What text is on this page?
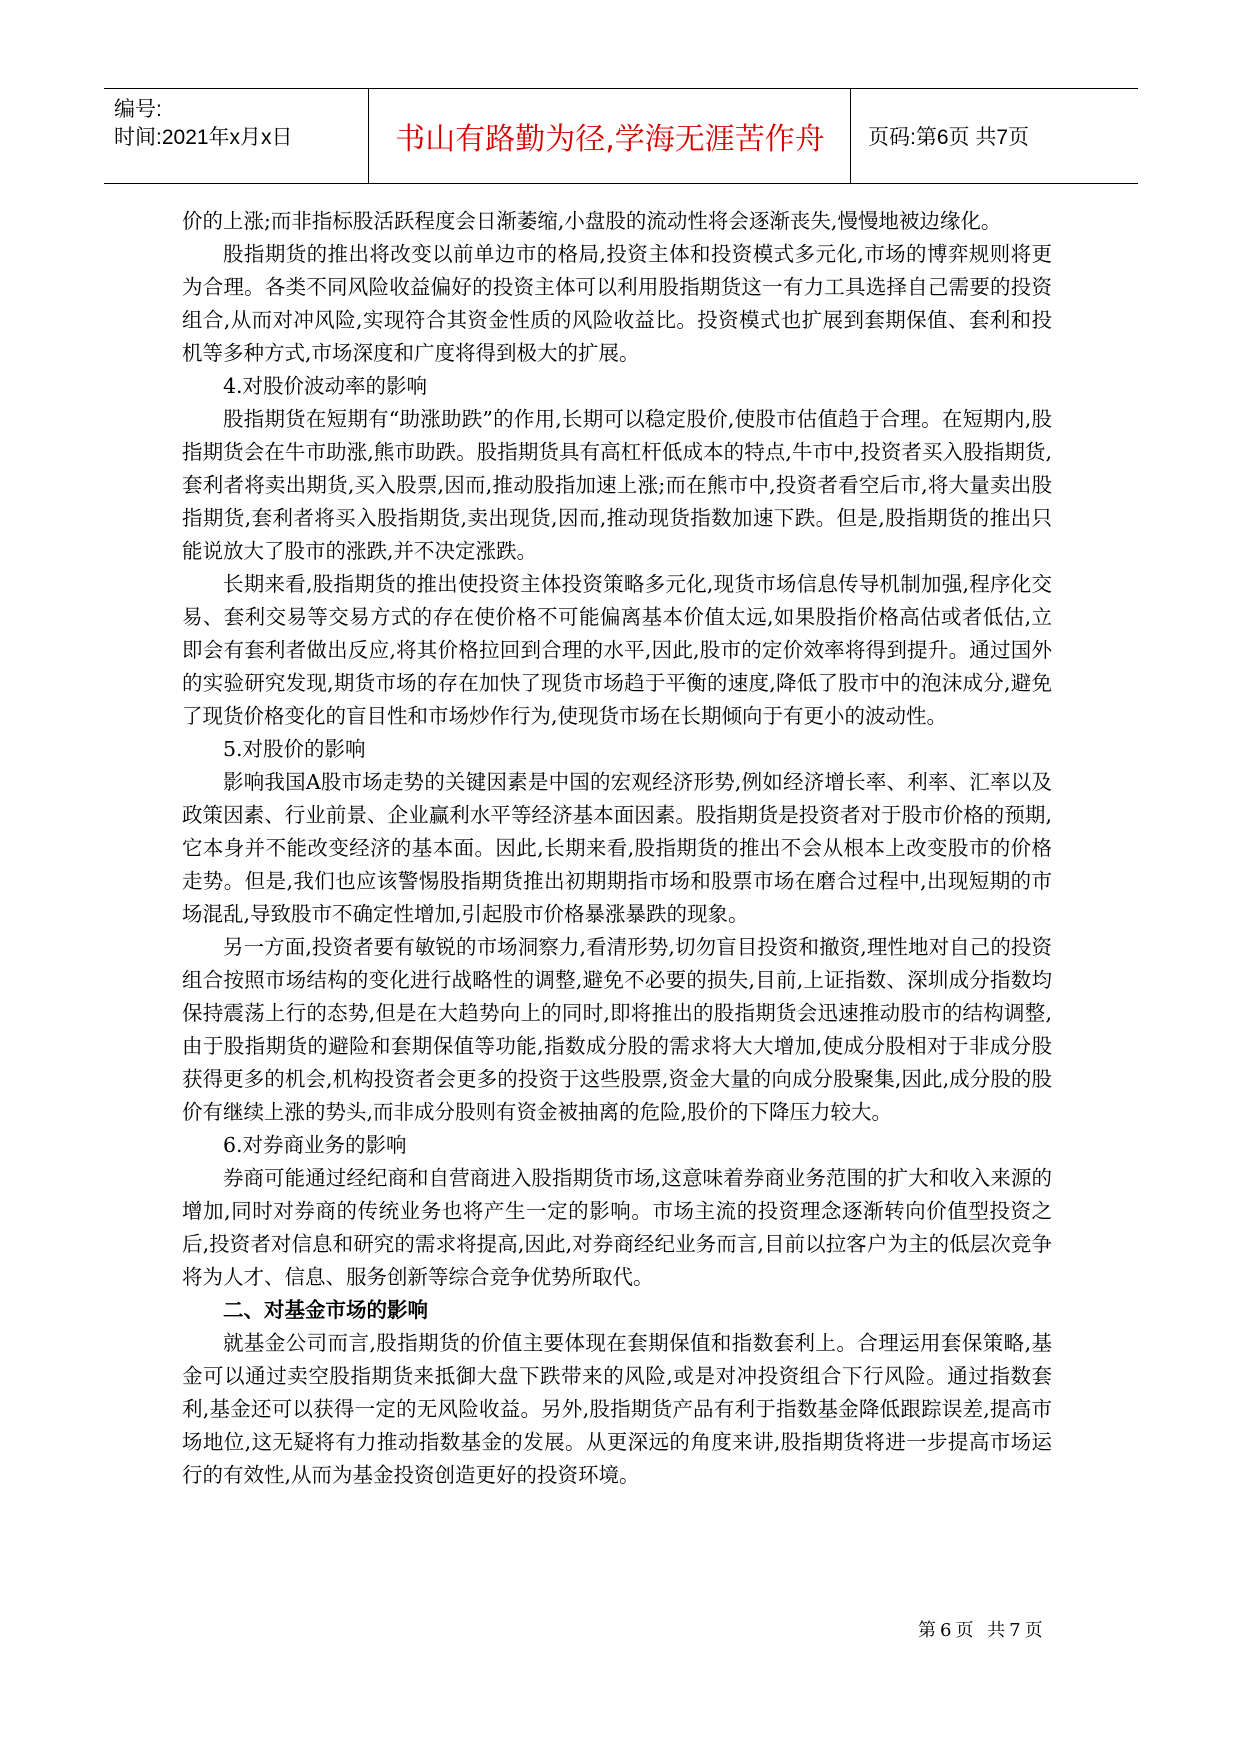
编号:
时间:2021年x月x日	书山有路勤为径,学海无涯苦作舟	页码:第6页 共7页

价的上涨;而非指标股活跃程度会日渐萎缩,小盘股的流动性将会逐渐丧失,慢慢地被边缘化。

股指期货的推出将改变以前单边市的格局,投资主体和投资模式多元化,市场的博弈规则将更为合理。各类不同风险收益偏好的投资主体可以利用股指期货这一有力工具选择自己需要的投资组合,从而对冲风险,实现符合其资金性质的风险收益比。投资模式也扩展到套期保值、套利和投机等多种方式,市场深度和广度将得到极大的扩展。

4.对股价波动率的影响

股指期货在短期有“助涨助跌”的作用,长期可以稳定股价,使股市估值趋于合理。在短期内,股指期货会在牛市助涨,熊市助跌。股指期货具有高杠杆低成本的特点,牛市中,投资者买入股指期货,套利者将卖出期货,买入股票,因而,推动股指加速上涨;而在熊市中,投资者看空后市,将大量卖出股指期货,套利者将买入股指期货,卖出现货,因而,推动现货指数加速下跌。但是,股指期货的推出只能说放大了股市的涨跌,并不决定涨跌。

长期来看,股指期货的推出使投资主体投资策略多元化,现货市场信息传导机制加强,程序化交易、套利交易等交易方式的存在使价格不可能偏离基本价值太远,如果股指价格高估或者低估,立即会有套利者做出反应,将其价格拉回到合理的水平,因此,股市的定价效率将得到提升。通过国外的实验研究发现,期货市场的存在加快了现货市场趋于平衡的速度,降低了股市中的泡沫成分,避免了现货价格变化的盲目性和市场炒作行为,使现货市场在长期倾向于有更小的波动性。

5.对股价的影响

影响我国A股市场走势的关键因素是中国的宏观经济形势,例如经济增长率、利率、汇率以及政策因素、行业前景、企业赢利水平等经济基本面因素。股指期货是投资者对于股市价格的预期,它本身并不能改变经济的基本面。因此,长期来看,股指期货的推出不会从根本上改变股市的价格走势。但是,我们也应该警惕股指期货推出初期期指市场和股票市场在磨合过程中,出现短期的市场混乱,导致股市不确定性增加,引起股市价格暴涨暴跌的现象。

另一方面,投资者要有敏锐的市场洞察力,看清形势,切勿盲目投资和撤资,理性地对自己的投资组合按照市场结构的变化进行战略性的调整,避免不必要的损失,目前,上证指数、深圳成分指数均保持震荡上行的态势,但是在大趋势向上的同时,即将推出的股指期货会迅速推动股市的结构调整,由于股指期货的避险和套期保值等功能,指数成分股的需求将大大增加,使成分股相对于非成分股获得更多的机会,机构投资者会更多的投资于这些股票,资金大量的向成分股聚集,因此,成分股的股价有继续上涨的势头,而非成分股则有资金被抽离的危险,股价的下降压力较大。

6.对券商业务的影响

券商可能通过经纪商和自营商进入股指期货市场,这意味着券商业务范围的扩大和收入来源的增加,同时对券商的传统业务也将产生一定的影响。市场主流的投资理念逐渐转向价值型投资之后,投资者对信息和研究的需求将提高,因此,对券商经纪业务而言,目前以拉客户为主的低层次竞争将为人才、信息、服务创新等综合竞争优势所取代。

二、对基金市场的影响

就基金公司而言,股指期货的价值主要体现在套期保值和指数套利上。合理运用套保策略,基金可以通过卖空股指期货来抵御大盘下跌带来的风险,或是对冲投资组合下行风险。通过指数套利,基金还可以获得一定的无风险收益。另外,股指期货产品有利于指数基金降低跟踪误差,提高市场地位,这无疑将有力推动指数基金的发展。从更深远的角度来讲,股指期货将进一步提高市场运行的有效性,从而为基金投资创造更好的投资环境。

第6页 共7页
